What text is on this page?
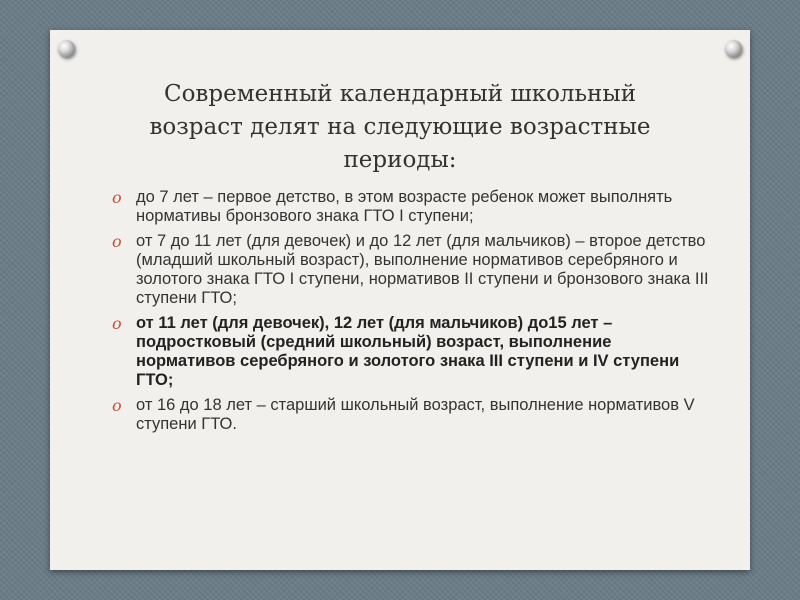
Современный календарный школьный возраст делят на следующие возрастные периоды:
o до 7 лет – первое детство, в этом возрасте ребенок может выполнять нормативы бронзового знака ГТО I ступени;
o от 7 до 11 лет (для девочек) и до 12 лет (для мальчиков) – второе детство (младший школьный возраст), выполнение нормативов серебряного и золотого знака ГТО I ступени, нормативов II ступени и бронзового знака III ступени ГТО;
o от 11 лет (для девочек), 12 лет (для мальчиков) до15 лет – подростковый (средний школьный) возраст, выполнение нормативов серебряного и золотого знака III ступени и IV ступени ГТО;
o от 16 до 18 лет – старший школьный возраст, выполнение нормативов V ступени ГТО.
